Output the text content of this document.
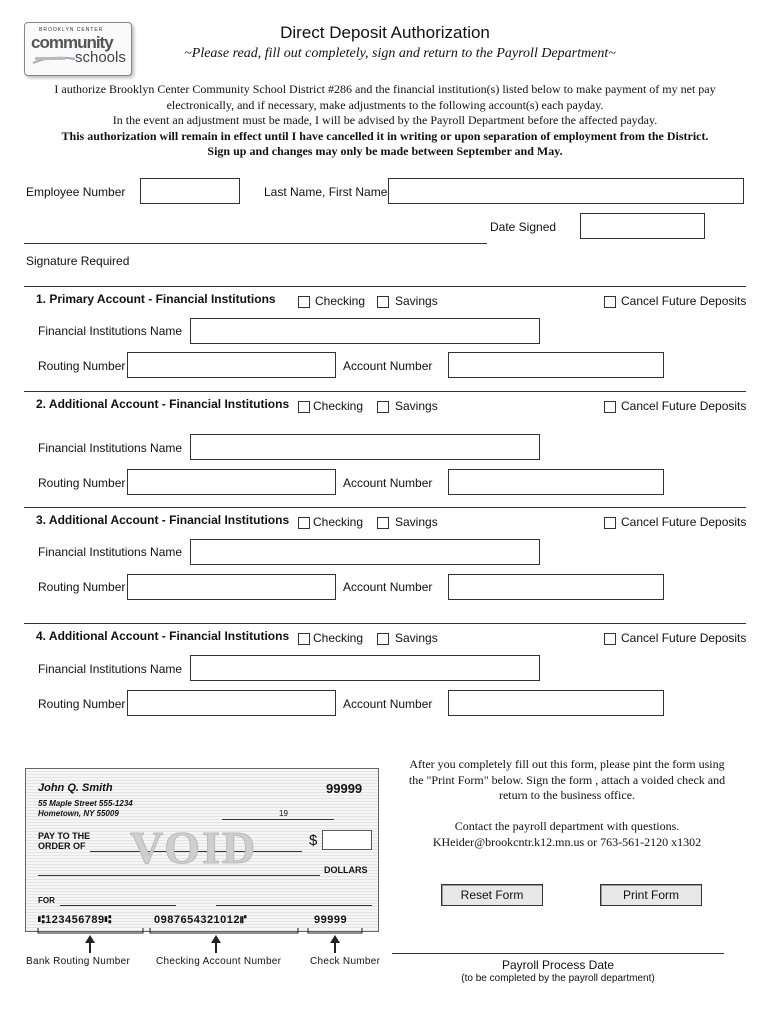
BROOKLYN CENTER
community
schools
Direct Deposit Authorization
~Please read, fill out completely, sign and return to the Payroll Department~

I authorize Brooklyn Center Community School District #286 and the financial institution(s) listed below to make payment of my net pay

electronically, and if necessary, make adjustments to the following account(s) each payday.

In the event an adjustment must be made, I will be advised by the Payroll Department before the affected payday.

This authorization will remain in effect until I have cancelled it in writing or upon separation of employment from the District.

Sign up and changes may only be made between September and May.

Employee Number	Last Name, First Name
Date Signed
Signature Required
1. Primary Account - Financial Institutions	Checking Savings	Cancel Future Deposits
Financial Institutions Name
Routing Number	Account Number
2. Additional Account - Financial Institutions Checking	Savings	Cancel Future Deposits
Financial Institutions Name
Routing Number	Account Number
3. Additional Account - Financial Institutions Checking	Savings	Cancel Future Deposits
Financial Institutions Name
Routing Number	Account Number
4. Additional Account - Financial Institutions Checking	Savings	Cancel Future Deposits
Financial Institutions Name
Routing Number	Account Number
John Q. Smith
55 Maple Street 555-1234
Hometown, NY 55009
99999
19
PAY TO THE
ORDER OF VOID	$
DOLLARS
FOR
⑆123456789⑆	0987654321012⑈	99999
Bank Routing Number	Checking Account Number	Check Number
After you completely fill out this form, please pint the form using
the "Print Form" below. Sign the form , attach a voided check and
return to the business office.
Contact the payroll department with questions.
KHeider@brookcntr.k12.mn.us or 763-561-2120 x1302
Reset Form	Print Form
Payroll Process Date
(to be completed by the payroll department)
